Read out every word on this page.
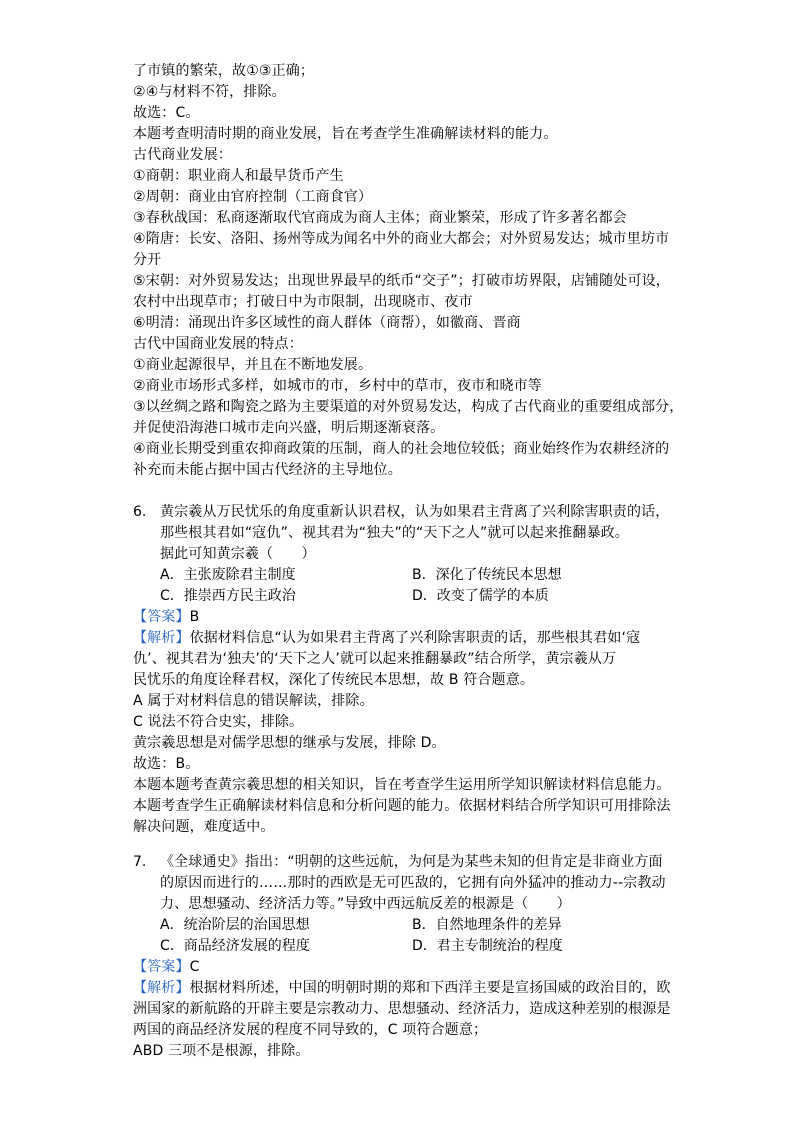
了市镇的繁荣，故①③正确；
②④与材料不符，排除。
故选：C。
本题考查明清时期的商业发展，旨在考查学生准确解读材料的能力。
古代商业发展：
①商朝：职业商人和最早货币产生
②周朝：商业由官府控制（工商食官）
③春秋战国：私商逐渐取代官商成为商人主体；商业繁荣，形成了许多著名都会
④隋唐：长安、洛阳、扬州等成为闻名中外的商业大都会；对外贸易发达；城市里坊市
分开
⑤宋朝：对外贸易发达；出现世界最早的纸币“交子”；打破市坊界限，店铺随处可设，
农村中出现草市；打破日中为市限制，出现晓市、夜市
⑥明清：涌现出许多区域性的商人群体（商帮），如徽商、晋商
古代中国商业发展的特点：
①商业起源很早，并且在不断地发展。
②商业市场形式多样，如城市的市，乡村中的草市，夜市和晓市等
③以丝绸之路和陶瓷之路为主要渠道的对外贸易发达，构成了古代商业的重要组成部分，
并促使沿海港口城市走向兴盛，明后期逐渐衰落。
④商业长期受到重农抑商政策的压制，商人的社会地位较低；商业始终作为农耕经济的
补充而未能占据中国古代经济的主导地位。
6. 黄宗羲从万民忧乐的角度重新认识君权，认为如果君主背离了兴利除害职责的话，
那些根其君如“寇仇”、视其君为“独夫”的“天下之人”就可以起来推翻暴政。
据此可知黄宗羲（　　）
A．主张废除君主制度	B．深化了传统民本思想
C．推崇西方民主政治	D．改变了儒学的本质
【答案】B
【解析】依据材料信息“认为如果君主背离了兴利除害职责的话，那些根其君如‘寇
仇’、视其君为‘独夫’的‘天下之人’就可以起来推翻暴政”结合所学，黄宗羲从万
民忧乐的角度诠释君权，深化了传统民本思想，故 B 符合题意。
A 属于对材料信息的错误解读，排除。
C 说法不符合史实，排除。
黄宗羲思想是对儒学思想的继承与发展，排除 D。
故选：B。
本题本题考查黄宗羲思想的相关知识，旨在考查学生运用所学知识解读材料信息能力。
本题考查学生正确解读材料信息和分析问题的能力。依据材料结合所学知识可用排除法
解决问题，难度适中。
7. 《全球通史》指出：“明朝的这些远航，为何是为某些未知的但肯定是非商业方面
的原因而进行的……那时的西欧是无可匹敌的，它拥有向外猛冲的推动力--宗教动
力、思想骚动、经济活力等。”导致中西远航反差的根源是（　　）
A．统治阶层的治国思想	B．自然地理条件的差异
C．商品经济发展的程度	D．君主专制统治的程度
【答案】C
【解析】根据材料所述，中国的明朝时期的郑和下西洋主要是宣扬国威的政治目的，欧
洲国家的新航路的开辟主要是宗教动力、思想骚动、经济活力，造成这种差别的根源是
两国的商品经济发展的程度不同导致的，C 项符合题意；
ABD 三项不是根源，排除。
